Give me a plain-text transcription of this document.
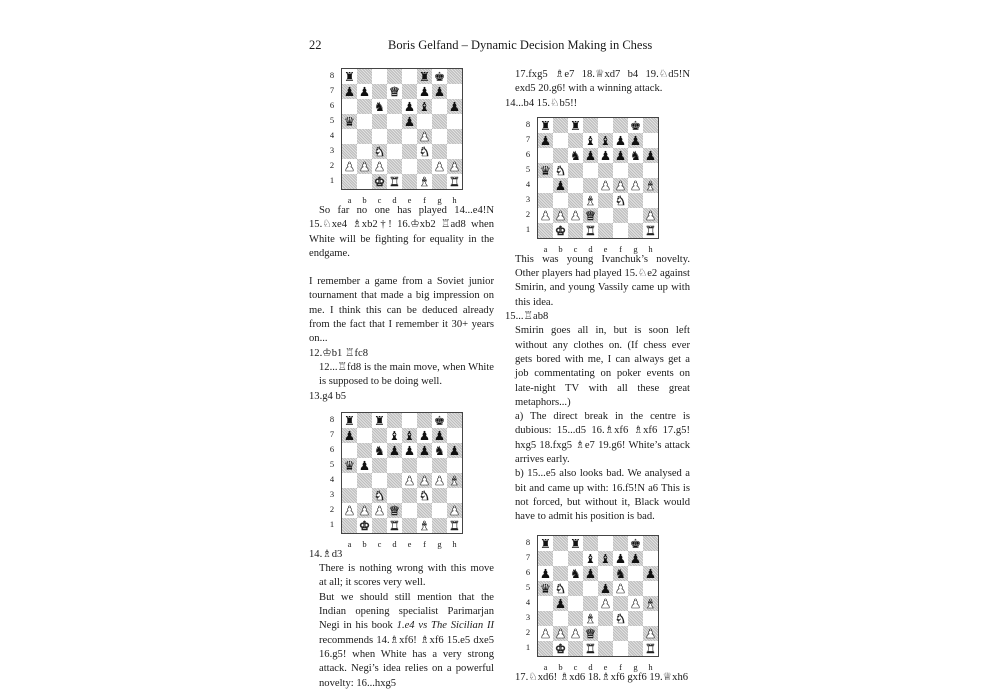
22	Boris Gelfand – Dynamic Decision Making in Chess
8
7
6
5
4
3
2
1
♜	♜ ♚
♟ ♟ ♛ ♟ ♟
♞ ♟ ♝ ♟
♛	♟
♟
♞	♞
♟ ♟ ♟	♟ ♟
♚ ♜ ♝ ♜
a	b	c	d	e	f	g	h

So far no one has played 14...e4!N 15.♘xe4 ♗xb2†! 16.♔xb2 ♖ad8 when White will be fighting for equality in the endgame.

I remember a game from a Soviet junior tournament that made a big impression on me. I think this can be deduced already from the fact that I remember it 30+ years on...

12.♔b1 ♖fc8

12...♖fd8 is the main move, when White is supposed to be doing well.

13.g4 b5

8
7
6
5
4
3
2
1
♜ ♜	♚
♟	♝ ♝ ♟ ♟
♞ ♟ ♟ ♟ ♞ ♟
♛ ♟
♟ ♟ ♟ ♝
♞	♞
♟ ♟ ♟ ♛	♟
♚ ♜ ♝ ♜
a	b	c	d	e	f	g	h

14.♗d3

There is nothing wrong with this move at all; it scores very well.

But we should still mention that the Indian opening specialist Parimarjan Negi in his book 1.e4 vs The Sicilian II recommends 14.♗xf6! ♗xf6 15.e5 dxe5 16.g5! when White has a very strong attack. Negi’s idea relies on a powerful novelty: 16...hxg5

17.fxg5 ♗e7 18.♕xd7 b4 19.♘d5!N exd5 20.g6! with a winning attack.

14...b4 15.♘b5!!

8
7
6
5
4
3
2
1
♜ ♜	♚
♟	♝ ♝ ♟ ♟
♞ ♟ ♟ ♟ ♞ ♟
♛ ♞
♟	♟ ♟ ♟ ♝
♝ ♞
♟ ♟ ♟ ♛	♟
♚ ♜	♜
a	b	c	d	e	f	g	h

This was young Ivanchuk’s novelty. Other players had played 15.♘e2 against Smirin, and young Vassily came up with this idea.

15...♖ab8

Smirin goes all in, but is soon left without any clothes on. (If chess ever gets bored with me, I can always get a job commentating on poker events on late-night TV with all these great metaphors...)

a) The direct break in the centre is dubious: 15...d5 16.♗xf6 ♗xf6 17.g5! hxg5 18.fxg5 ♗e7 19.g6! White’s attack arrives early.

b) 15...e5 also looks bad. We analysed a bit and came up with: 16.f5!N a6 This is not forced, but without it, Black would have to admit his position is bad.

8
7
6
5
4
3
2
1
♜ ♜	♚
♝ ♝ ♟ ♟
♟ ♞ ♟ ♞ ♟
♛ ♞	♟ ♟
♟	♟ ♟ ♝
♝ ♞
♟ ♟ ♟ ♛	♟
♚ ♜	♜
a	b	c	d	e	f	g	h

17.♘xd6! ♗xd6 18.♗xf6 gxf6 19.♕xh6
